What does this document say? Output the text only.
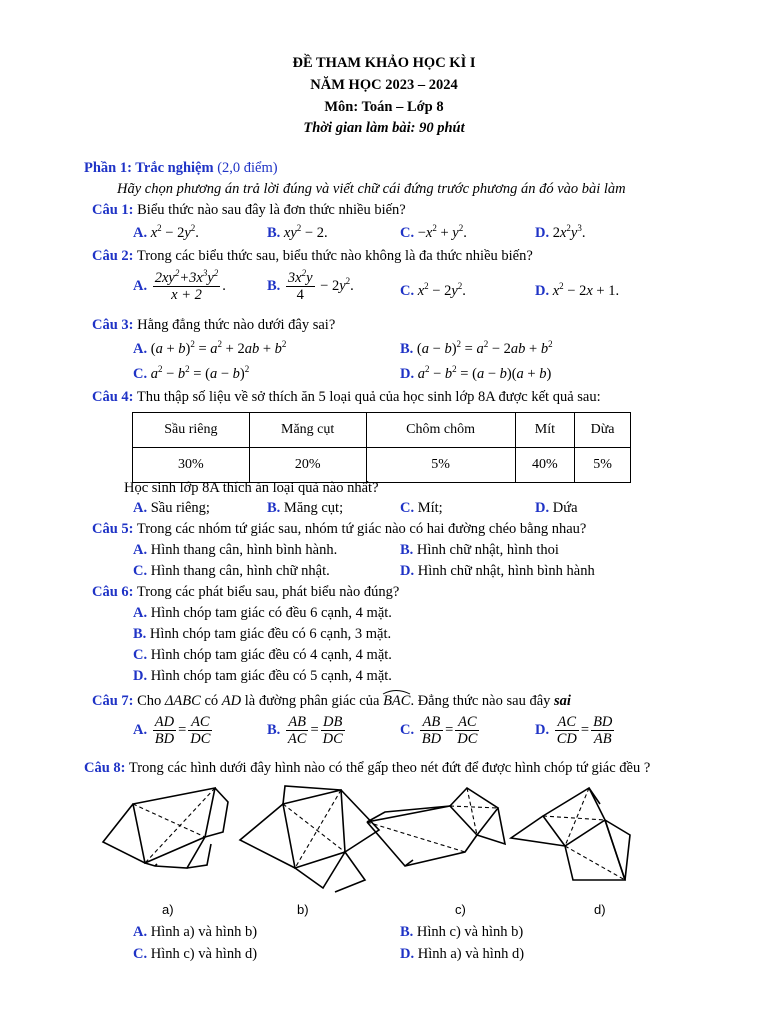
ĐỀ THAM KHẢO HỌC KÌ I
NĂM HỌC 2023 – 2024
Môn: Toán – Lớp 8
Thời gian làm bài: 90 phút
Phần 1: Trắc nghiệm (2,0 điểm)
Hãy chọn phương án trả lời đúng và viết chữ cái đứng trước phương án đó vào bài làm
Câu 1: Biểu thức nào sau đây là đơn thức nhiều biến?
A. $x^2 - 2y^2$.	B. $xy^2 - 2$.	C. $-x^2 + y^2$.	D. $2x^2y^3$.
Câu 2: Trong các biểu thức sau, biểu thức nào không là đa thức nhiều biến?
A. $\frac{2xy^2+3x^3y^2}{x + 2}$ .	B. $\frac{3x^2y}{4} - 2y^2$.	C. $x^2 - 2y^2$.	D. $x^2 - 2x + 1$.
Câu 3: Hằng đẳng thức nào dưới đây sai?
A. $(a + b)^2 = a^2 + 2ab + b^2$	B. $(a - b)^2 = a^2 - 2ab + b^2$
C. $a^2 - b^2 = (a - b)^2$	D. $a^2 - b^2 = (a - b)(a + b)$
Câu 4: Thu thập số liệu về sở thích ăn 5 loại quả của học sinh lớp 8A được kết quả sau:
Sầu riêng	Măng cụt	Chôm chôm	Mít	Dừa
30%	20%	5%	40%	5%
Học sinh lớp 8A thích ăn loại quả nào nhất?
A. Sầu riêng;	B. Măng cụt;	C. Mít;	D. Dứa
Câu 5: Trong các nhóm tứ giác sau, nhóm tứ giác nào có hai đường chéo bằng nhau?
A. Hình thang cân, hình bình hành.	B. Hình chữ nhật, hình thoi
C. Hình thang cân, hình chữ nhật.	D. Hình chữ nhật, hình bình hành
Câu 6: Trong các phát biểu sau, phát biểu nào đúng?
A. Hình chóp tam giác có đều 6 cạnh, 4 mặt.
B. Hình chóp tam giác đều có 6 cạnh, 3 mặt.
C. Hình chóp tam giác đều có 4 cạnh, 4 mặt.
D. Hình chóp tam giác đều có 5 cạnh, 4 mặt.
Câu 7: Cho ΔABC có AD là đường phân giác của BAC
. Đẳng thức nào sau đây sai
A. $\frac{AD}{BD} = \frac{AC}{DC}$	B. $\frac{AB}{AC} = \frac{DB}{DC}$	C. $\frac{AB}{BD} = \frac{AC}{DC}$	D. $\frac{AC}{CD} = \frac{BD}{AB}$
Câu 8: Trong các hình dưới đây hình nào có thể gấp theo nét đứt để được hình chóp tứ giác đều ?
a)	b)	c)	d)
A. Hình a) và hình b)	B. Hình c) và hình b)
C. Hình c) và hình d)	D. Hình a) và hình d)
